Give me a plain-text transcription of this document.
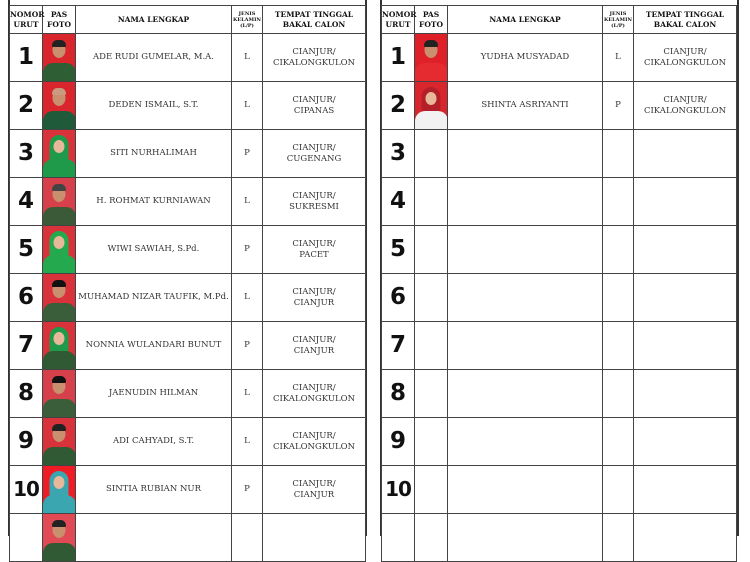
NOMOR URUT	PAS FOTO	NAMA LENGKAP	JENIS KELAMIN (L/P)	TEMPAT TINGGAL BAKAL CALON
1		ADE RUDI GUMELAR, M.A.	L	CIANJUR/
CIKALONGKULON

2		DEDEN ISMAIL, S.T.	L	CIANJUR/
CIPANAS

3		SITI NURHALIMAH	P	CIANJUR/
CUGENANG

4		H. ROHMAT KURNIAWAN	L	CIANJUR/
SUKRESMI

5		WIWI SAWIAH, S.Pd.	P	CIANJUR/
PACET

6		MUHAMAD NIZAR TAUFIK, M.Pd.	L	CIANJUR/
CIANJUR

7		NONNIA WULANDARI BUNUT	P	CIANJUR/
CIANJUR

8		JAENUDIN HILMAN	L	CIANJUR/
CIKALONGKULON

9		ADI CAHYADI, S.T.	L	CIANJUR/
CIKALONGKULON

10		SINTIA RUBIAN NUR	P	CIANJUR/
CIANJUR

NOMOR URUT	PAS FOTO	NAMA LENGKAP	JENIS KELAMIN (L/P)	TEMPAT TINGGAL BAKAL CALON
1		YUDHA MUSYADAD	L	CIANJUR/
CIKALONGKULON

2		SHINTA ASRIYANTI	P	CIANJUR/
CIKALONGKULON

3				

4				

5				

6				

7				

8				

9				

10				
